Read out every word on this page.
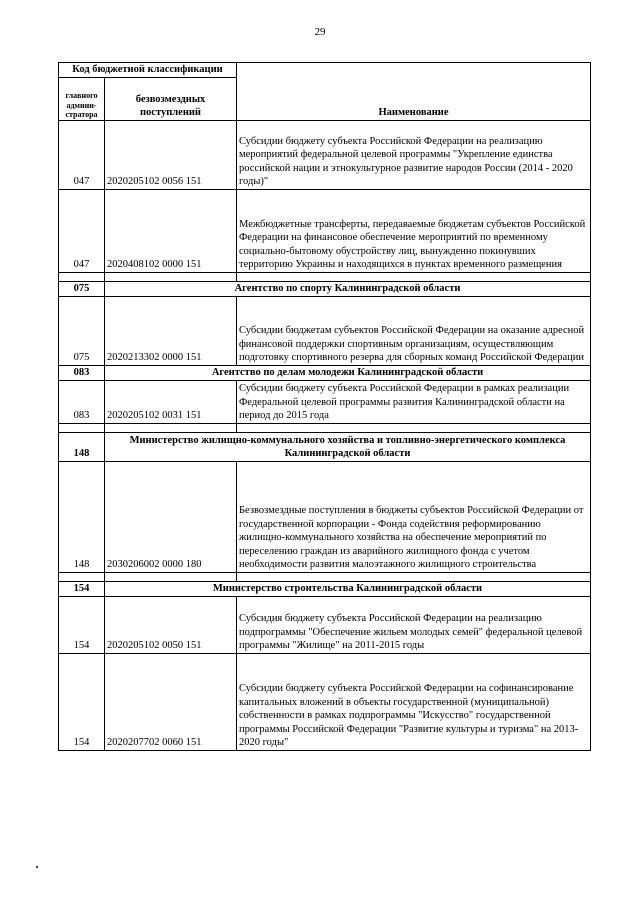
29
Код бюджетной классификации		Наименование
главного админи-стратора	безвозмездных поступлений	
047	2020205102 0056 151	Субсидии бюджету субъекта Российской Федерации на реализацию мероприятий федеральной целевой программы "Укрепление единства российской нации и этнокультурное развитие народов России (2014 - 2020 годы)"
047	2020408102 0000 151	Межбюджетные трансферты, передаваемые бюджетам субъектов Российской Федерации на финансовое обеспечение мероприятий по временному социально-бытовому обустройству лиц, вынужденно покинувших территорию Украины и находящихся в пунктах временного размещения

075	Агентство по спорту Калининградской области	
075	2020213302 0000 151	Субсидии бюджетам субъектов Российской Федерации на оказание адресной финансовой поддержки спортивным организациям, осуществляющим подготовку спортивного резерва для сборных команд Российской Федерации
083	Агентство по делам молодежи Калининградской области	
083	2020205102 0031 151	Субсидии бюджету субъекта Российской Федерации в рамках реализации Федеральной целевой программы развития Калининградской области на период до 2015 года

148	Министерство жилищно-коммунального хозяйства и топливно-энергетического комплекса Калининградской области	
148	2030206002 0000 180	Безвозмездные поступления в бюджеты субъектов Российской Федерации от государственной корпорации - Фонда содействия реформированию жилищно-коммунального хозяйства на обеспечение мероприятий по переселению граждан из аварийного жилищного фонда с учетом необходимости развития малоэтажного жилищного строительства

154	Министерство строительства Калининградской области	
154	2020205102 0050 151	Субсидия бюджету субъекта Российской Федерации на реализацию подпрограммы "Обеспечение жильем молодых семей" федеральной целевой программы "Жилище" на 2011-2015 годы
154	2020207702 0060 151	Субсидии бюджету субъекта Российской Федерации на софинансирование капитальных вложений в объекты государственной (муниципальной) собственности в рамках подпрограммы "Искусство" государственной программы Российской Федерации "Развитие культуры и туризма" на 2013-2020 годы"
